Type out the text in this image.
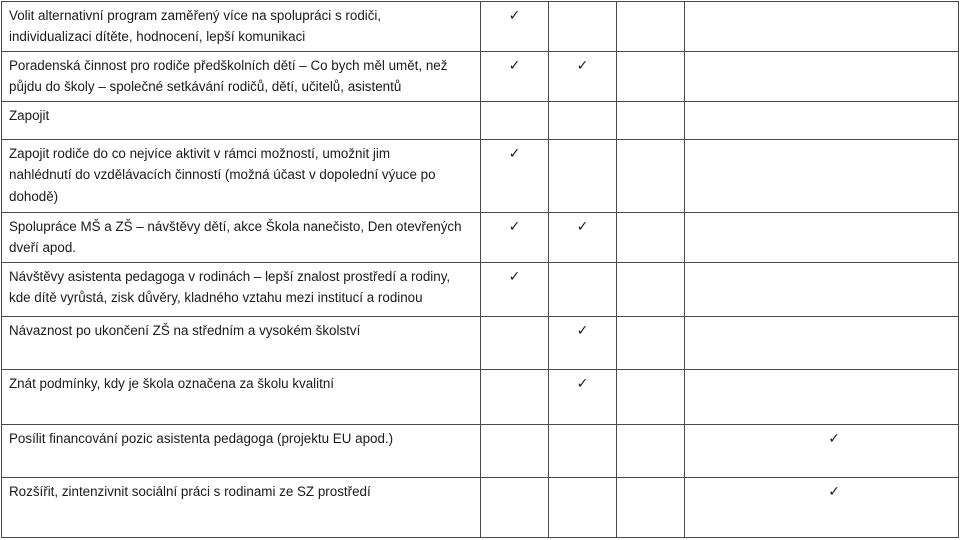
Volit alternativní program zaměřený více na spolupráci s rodiči,
individualizaci dítěte, hodnocení, lepší komunikaci	✓			

Poradenská činnost pro rodiče předškolních dětí – Co bych měl umět, než
půjdu do školy – společné setkávání rodičů, dětí, učitelů, asistentů	✓	✓		

Zapojit				

Zapojit rodiče do co nejvíce aktivit v rámci možností, umožnit jim
nahlédnutí do vzdělávacích činností (možná účast v dopolední výuce po
dohodě)	✓			

Spolupráce MŠ a ZŠ – návštěvy dětí, akce Škola nanečisto, Den otevřených
dveří apod.	✓	✓		

Návštěvy asistenta pedagoga v rodinách – lepší znalost prostředí a rodiny,
kde dítě vyrůstá, zisk důvěry, kladného vztahu mezi institucí a rodinou	✓			

Návaznost po ukončení ZŠ na středním a vysokém školství		✓		

Znát podmínky, kdy je škola označena za školu kvalitní		✓		

Posílit financování pozic asistenta pedagoga (projektu EU apod.)				✓

Rozšířit, zintenzivnit sociální práci s rodinami ze SZ prostředí				✓
